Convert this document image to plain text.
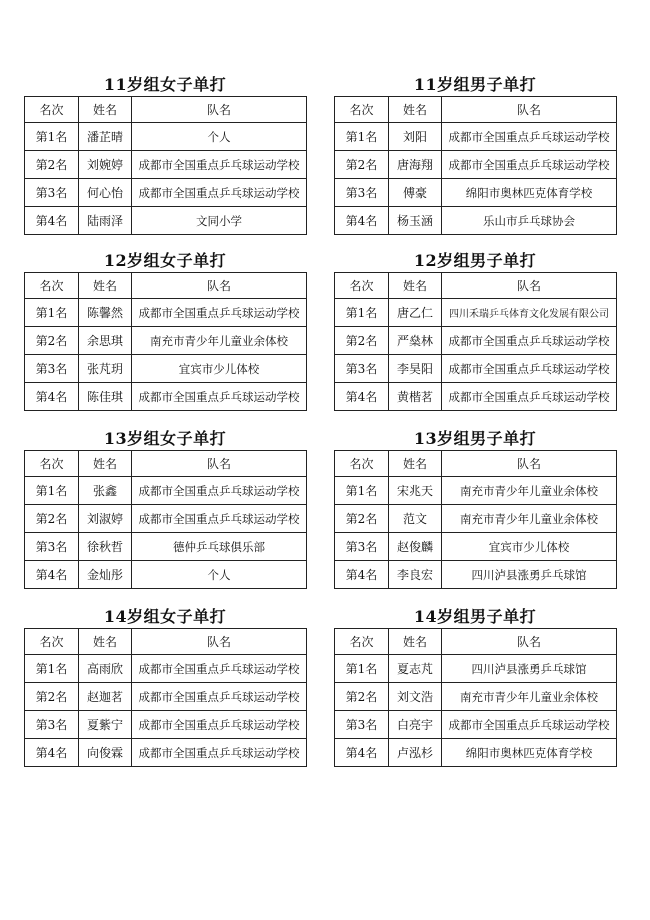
11岁组女子单打
名次	姓名	队名
第1名	潘芷晴	个人
第2名	刘婉婷	成都市全国重点乒乓球运动学校
第3名	何心怡	成都市全国重点乒乓球运动学校
第4名	陆雨泽	文同小学
11岁组男子单打
名次	姓名	队名
第1名	刘阳	成都市全国重点乒乓球运动学校
第2名	唐海翔	成都市全国重点乒乓球运动学校
第3名	傅豪	绵阳市奥林匹克体育学校
第4名	杨玉涵	乐山市乒乓球协会
12岁组女子单打
名次	姓名	队名
第1名	陈馨然	成都市全国重点乒乓球运动学校
第2名	余思琪	南充市青少年儿童业余体校
第3名	张芃玥	宜宾市少儿体校
第4名	陈佳琪	成都市全国重点乒乓球运动学校
12岁组男子单打
名次	姓名	队名
第1名	唐乙仁	四川禾瑞乒乓体育文化发展有限公司
第2名	严燊林	成都市全国重点乒乓球运动学校
第3名	李昊阳	成都市全国重点乒乓球运动学校
第4名	黄楷茗	成都市全国重点乒乓球运动学校
13岁组女子单打
名次	姓名	队名
第1名	张鑫	成都市全国重点乒乓球运动学校
第2名	刘淑婷	成都市全国重点乒乓球运动学校
第3名	徐秋哲	德仲乒乓球俱乐部
第4名	金灿彤	个人
13岁组男子单打
名次	姓名	队名
第1名	宋兆天	南充市青少年儿童业余体校
第2名	范文	南充市青少年儿童业余体校
第3名	赵俊麟	宜宾市少儿体校
第4名	李良宏	四川泸县涨勇乒乓球馆
14岁组女子单打
名次	姓名	队名
第1名	高雨欣	成都市全国重点乒乓球运动学校
第2名	赵迦茗	成都市全国重点乒乓球运动学校
第3名	夏紫宁	成都市全国重点乒乓球运动学校
第4名	向俊霖	成都市全国重点乒乓球运动学校
14岁组男子单打
名次	姓名	队名
第1名	夏志芃	四川泸县涨勇乒乓球馆
第2名	刘文浩	南充市青少年儿童业余体校
第3名	白亮宇	成都市全国重点乒乓球运动学校
第4名	卢泓杉	绵阳市奥林匹克体育学校
